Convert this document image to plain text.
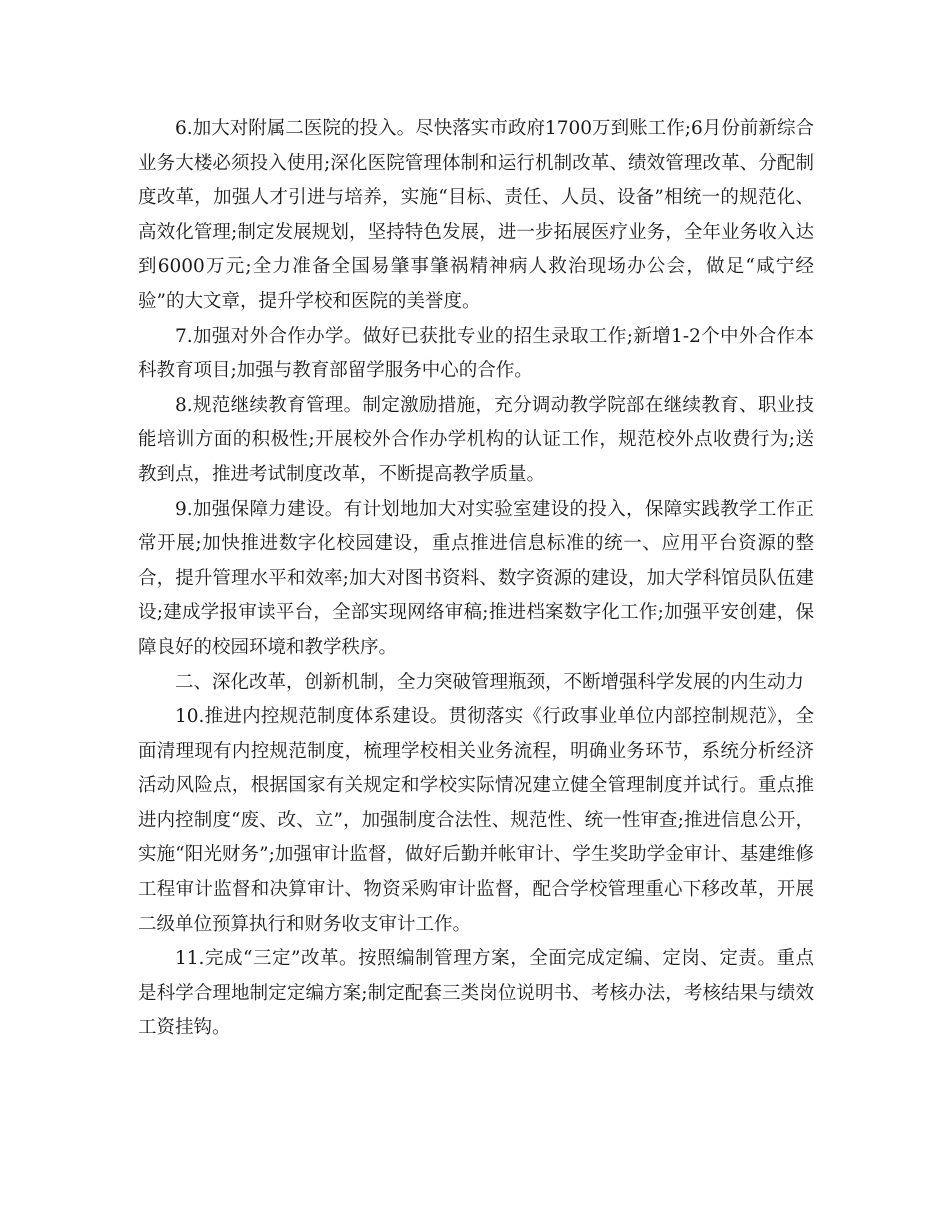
6.加大对附属二医院的投入。尽快落实市政府1700万到账工作;6月份前新综合业务大楼必须投入使用;深化医院管理体制和运行机制改革、绩效管理改革、分配制度改革，加强人才引进与培养，实施“目标、责任、人员、设备”相统一的规范化、高效化管理;制定发展规划，坚持特色发展，进一步拓展医疗业务，全年业务收入达到6000万元;全力准备全国易肇事肇祸精神病人救治现场办公会，做足“咸宁经验”的大文章，提升学校和医院的美誉度。

7.加强对外合作办学。做好已获批专业的招生录取工作;新增1-2个中外合作本科教育项目;加强与教育部留学服务中心的合作。

8.规范继续教育管理。制定激励措施，充分调动教学院部在继续教育、职业技能培训方面的积极性;开展校外合作办学机构的认证工作，规范校外点收费行为;送教到点，推进考试制度改革，不断提高教学质量。

9.加强保障力建设。有计划地加大对实验室建设的投入，保障实践教学工作正常开展;加快推进数字化校园建设，重点推进信息标准的统一、应用平台资源的整合，提升管理水平和效率;加大对图书资料、数字资源的建设，加大学科馆员队伍建设;建成学报审读平台，全部实现网络审稿;推进档案数字化工作;加强平安创建，保障良好的校园环境和教学秩序。

二、深化改革，创新机制，全力突破管理瓶颈，不断增强科学发展的内生动力

10.推进内控规范制度体系建设。贯彻落实《行政事业单位内部控制规范》，全面清理现有内控规范制度，梳理学校相关业务流程，明确业务环节，系统分析经济活动风险点，根据国家有关规定和学校实际情况建立健全管理制度并试行。重点推进内控制度“废、改、立”，加强制度合法性、规范性、统一性审查;推进信息公开，实施“阳光财务”;加强审计监督，做好后勤并帐审计、学生奖助学金审计、基建维修工程审计监督和决算审计、物资采购审计监督，配合学校管理重心下移改革，开展二级单位预算执行和财务收支审计工作。

11.完成“三定”改革。按照编制管理方案，全面完成定编、定岗、定责。重点是科学合理地制定定编方案;制定配套三类岗位说明书、考核办法，考核结果与绩效工资挂钩。
